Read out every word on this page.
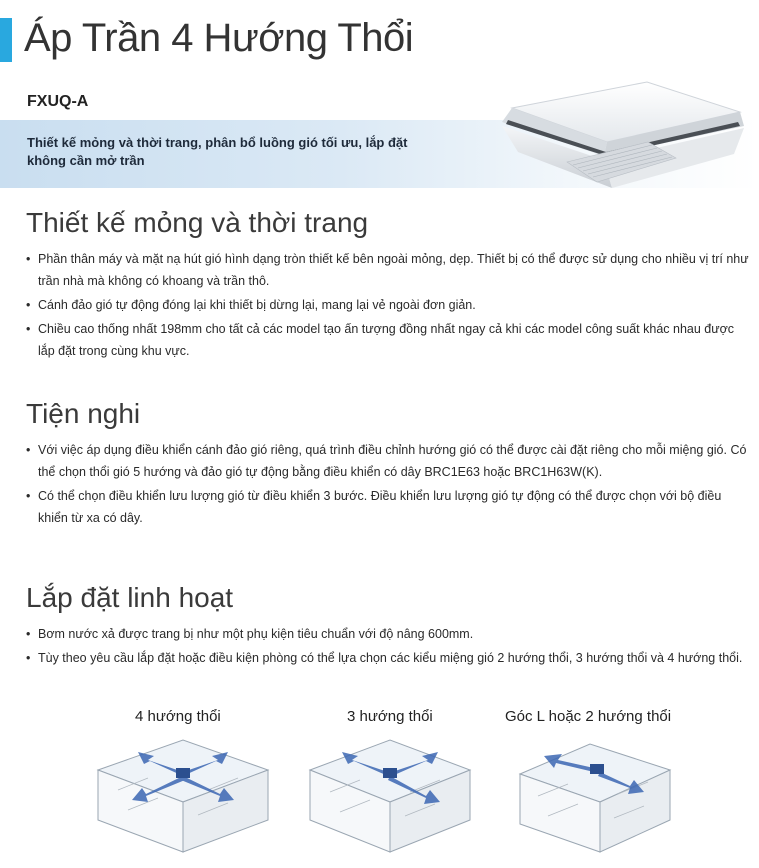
Áp Trần 4 Hướng Thổi
FXUQ-A
Thiết kế mỏng và thời trang, phân bổ luồng gió tối ưu, lắp đặt không cần mở trần
Thiết kế mỏng và thời trang
• Phần thân máy và mặt nạ hút gió hình dạng tròn thiết kế bên ngoài mỏng, dẹp. Thiết bị có thể được sử dụng cho nhiều vị trí như trần nhà mà không có khoang và trần thô.
• Cánh đảo gió tự động đóng lại khi thiết bị dừng lại, mang lại vẻ ngoài đơn giản.
• Chiều cao thống nhất 198mm cho tất cả các model tạo ấn tượng đồng nhất ngay cả khi các model công suất khác nhau được lắp đặt trong cùng khu vực.
Tiện nghi
• Với việc áp dụng điều khiển cánh đảo gió riêng, quá trình điều chỉnh hướng gió có thể được cài đặt riêng cho mỗi miệng gió. Có thể chọn thổi gió 5 hướng và đảo gió tự động bằng điều khiển có dây BRC1E63 hoặc BRC1H63W(K).
• Có thể chọn điều khiển lưu lượng gió từ điều khiển 3 bước. Điều khiển lưu lượng gió tự động có thể được chọn với bộ điều khiển từ xa có dây.
Lắp đặt linh hoạt
• Bơm nước xả được trang bị như một phụ kiện tiêu chuẩn với độ nâng 600mm.
• Tùy theo yêu cầu lắp đặt hoặc điều kiện phòng có thể lựa chọn các kiểu miệng gió 2 hướng thổi, 3 hướng thổi và 4 hướng thổi.
4 hướng thổi	3 hướng thổi	Góc L hoặc 2 hướng thổi
